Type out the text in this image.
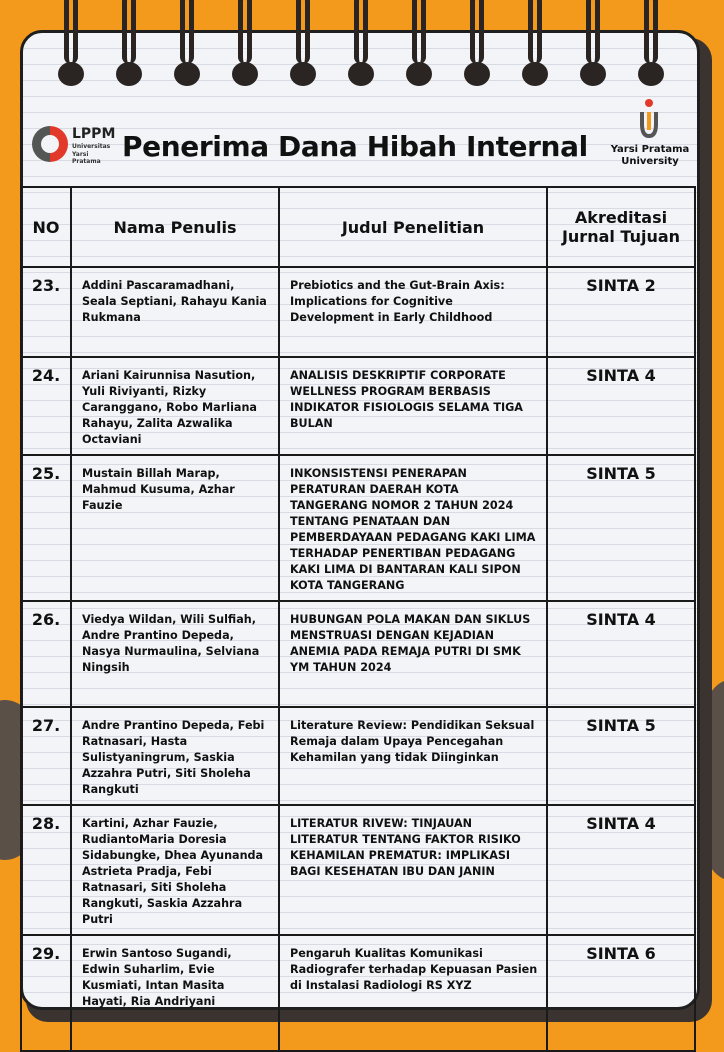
LPPM
Universitas
Yarsi Pratama Penerima Dana Hibah Internal Yarsi Pratama
University
NO	Nama Penulis	Judul Penelitian	Akreditasi
Jurnal Tujuan

23.	Addini Pascaramadhani, Seala Septiani, Rahayu Kania Rukmana	Prebiotics and the Gut-Brain Axis: Implications for Cognitive Development in Early Childhood	SINTA 2
24.	Ariani Kairunnisa Nasution, Yuli Riviyanti, Rizky Caranggano, Robo Marliana Rahayu, Zalita Azwalika Octaviani	ANALISIS DESKRIPTIF CORPORATE WELLNESS PROGRAM BERBASIS INDIKATOR FISIOLOGIS SELAMA TIGA BULAN	SINTA 4
25.	Mustain Billah Marap, Mahmud Kusuma, Azhar Fauzie	INKONSISTENSI PENERAPAN PERATURAN DAERAH KOTA TANGERANG NOMOR 2 TAHUN 2024 TENTANG PENATAAN DAN PEMBERDAYAAN PEDAGANG KAKI LIMA TERHADAP PENERTIBAN PEDAGANG KAKI LIMA DI BANTARAN KALI SIPON KOTA TANGERANG	SINTA 5
26.	Viedya Wildan, Wili Sulfiah, Andre Prantino Depeda, Nasya Nurmaulina, Selviana Ningsih	HUBUNGAN POLA MAKAN DAN SIKLUS MENSTRUASI DENGAN KEJADIAN ANEMIA PADA REMAJA PUTRI DI SMK YM TAHUN 2024	SINTA 4
27.	Andre Prantino Depeda, Febi Ratnasari, Hasta Sulistyaningrum, Saskia Azzahra Putri, Siti Sholeha Rangkuti	Literature Review: Pendidikan Seksual Remaja dalam Upaya Pencegahan Kehamilan yang tidak Diinginkan	SINTA 5
28.	Kartini, Azhar Fauzie, RudiantoMaria Doresia Sidabungke, Dhea Ayunanda Astrieta Pradja, Febi Ratnasari, Siti Sholeha Rangkuti, Saskia Azzahra Putri	LITERATUR RIVEW: TINJAUAN LITERATUR TENTANG FAKTOR RISIKO KEHAMILAN PREMATUR: IMPLIKASI BAGI KESEHATAN IBU DAN JANIN	SINTA 4
29.	Erwin Santoso Sugandi, Edwin Suharlim, Evie Kusmiati, Intan Masita Hayati, Ria Andriyani	Pengaruh Kualitas Komunikasi Radiografer terhadap Kepuasan Pasien di Instalasi Radiologi RS XYZ	SINTA 6
